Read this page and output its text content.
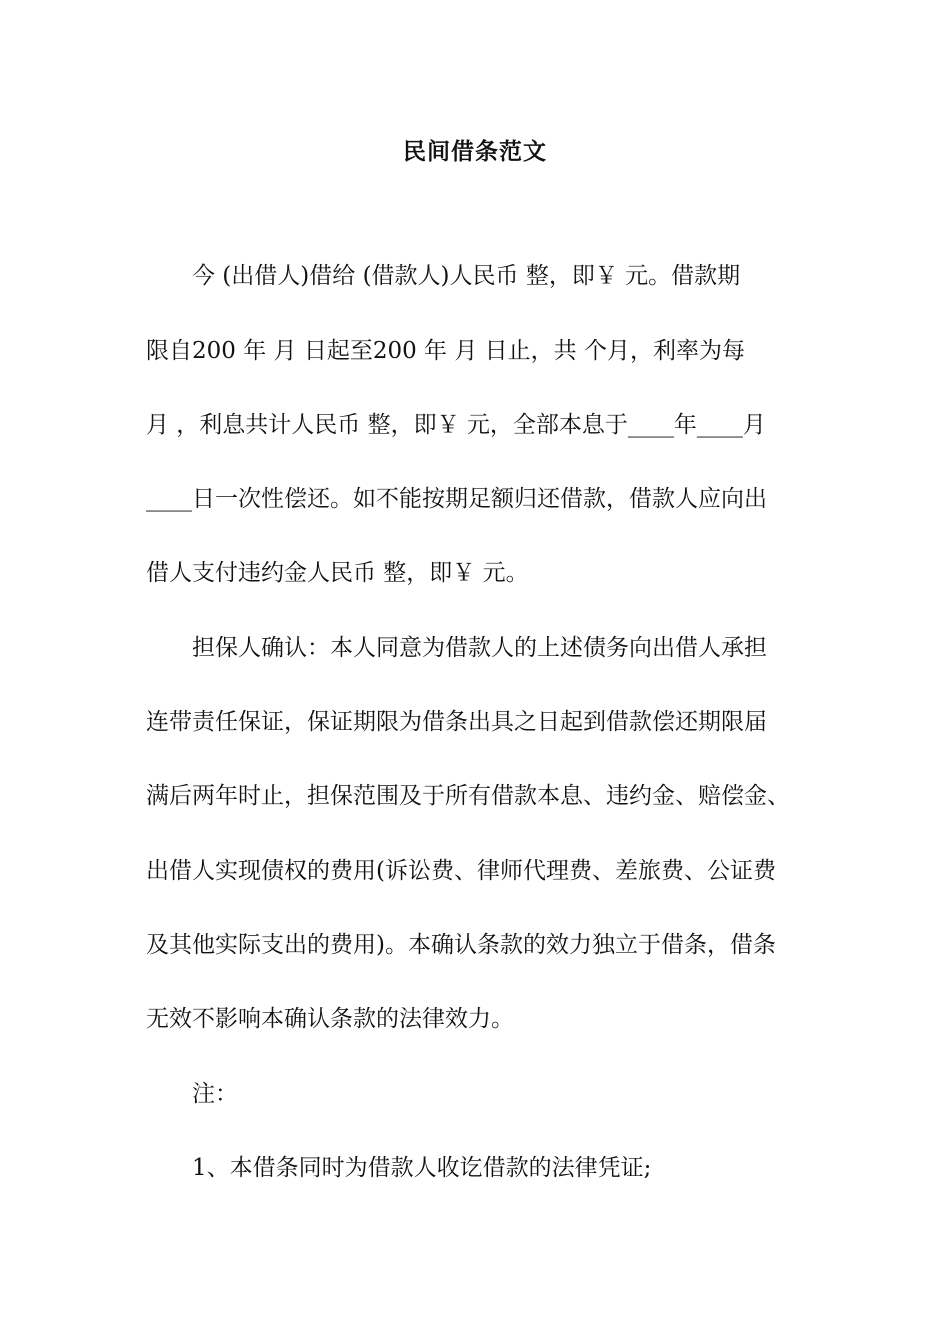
民间借条范文
今 (出借人)借给 (借款人)人民币 整，即￥ 元。借款期
限自200 年 月 日起至200 年 月 日止，共 个月，利率为每
月 ，利息共计人民币 整，即￥ 元，全部本息于____年____月
____日一次性偿还。如不能按期足额归还借款，借款人应向出
借人支付违约金人民币 整，即￥ 元。
担保人确认：本人同意为借款人的上述债务向出借人承担
连带责任保证，保证期限为借条出具之日起到借款偿还期限届
满后两年时止，担保范围及于所有借款本息、违约金、赔偿金、
出借人实现债权的费用(诉讼费、律师代理费、差旅费、公证费
及其他实际支出的费用)。本确认条款的效力独立于借条，借条
无效不影响本确认条款的法律效力。
注：
1、本借条同时为借款人收讫借款的法律凭证;
